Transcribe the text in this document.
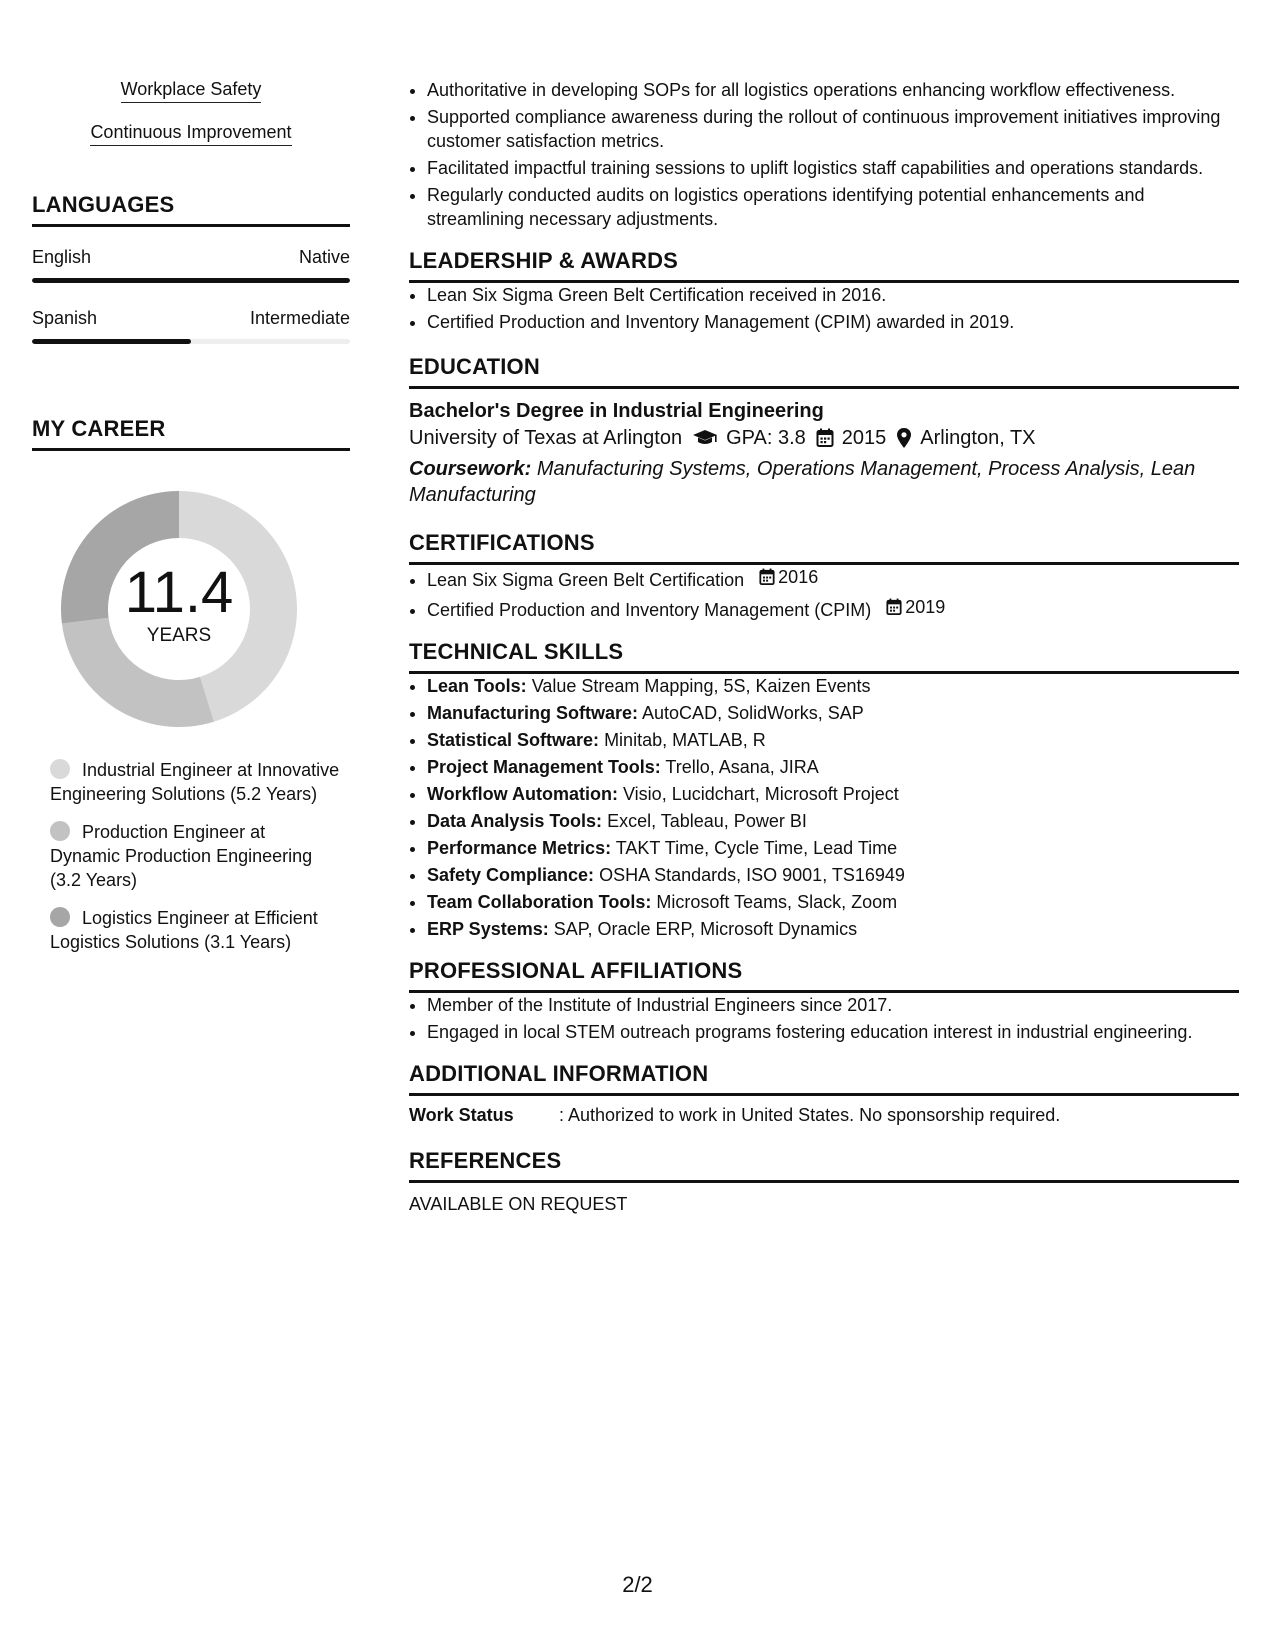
Workplace Safety
Continuous Improvement
LANGUAGES
English	Native
Spanish	Intermediate
MY CAREER
11.4
YEARS
Industrial Engineer at Innovative Engineering Solutions (5.2 Years)
Production Engineer at Dynamic Production Engineering (3.2 Years)
Logistics Engineer at Efficient Logistics Solutions (3.1 Years)
• Authoritative in developing SOPs for all logistics operations enhancing workflow effectiveness.
• Supported compliance awareness during the rollout of continuous improvement initiatives improving customer satisfaction metrics.
• Facilitated impactful training sessions to uplift logistics staff capabilities and operations standards.
• Regularly conducted audits on logistics operations identifying potential enhancements and streamlining necessary adjustments.
LEADERSHIP & AWARDS
• Lean Six Sigma Green Belt Certification received in 2016.
• Certified Production and Inventory Management (CPIM) awarded in 2019.
EDUCATION
Bachelor's Degree in Industrial Engineering
University of Texas at Arlington GPA: 3.8 2015 Arlington, TX
Coursework: Manufacturing Systems, Operations Management, Process Analysis, Lean Manufacturing
CERTIFICATIONS
• Lean Six Sigma Green Belt Certification 2016
• Certified Production and Inventory Management (CPIM) 2019
TECHNICAL SKILLS
• Lean Tools: Value Stream Mapping, 5S, Kaizen Events
• Manufacturing Software: AutoCAD, SolidWorks, SAP
• Statistical Software: Minitab, MATLAB, R
• Project Management Tools: Trello, Asana, JIRA
• Workflow Automation: Visio, Lucidchart, Microsoft Project
• Data Analysis Tools: Excel, Tableau, Power BI
• Performance Metrics: TAKT Time, Cycle Time, Lead Time
• Safety Compliance: OSHA Standards, ISO 9001, TS16949
• Team Collaboration Tools: Microsoft Teams, Slack, Zoom
• ERP Systems: SAP, Oracle ERP, Microsoft Dynamics
PROFESSIONAL AFFILIATIONS
• Member of the Institute of Industrial Engineers since 2017.
• Engaged in local STEM outreach programs fostering education interest in industrial engineering.
ADDITIONAL INFORMATION
Work Status	: Authorized to work in United States. No sponsorship required.
REFERENCES
AVAILABLE ON REQUEST
2/2
